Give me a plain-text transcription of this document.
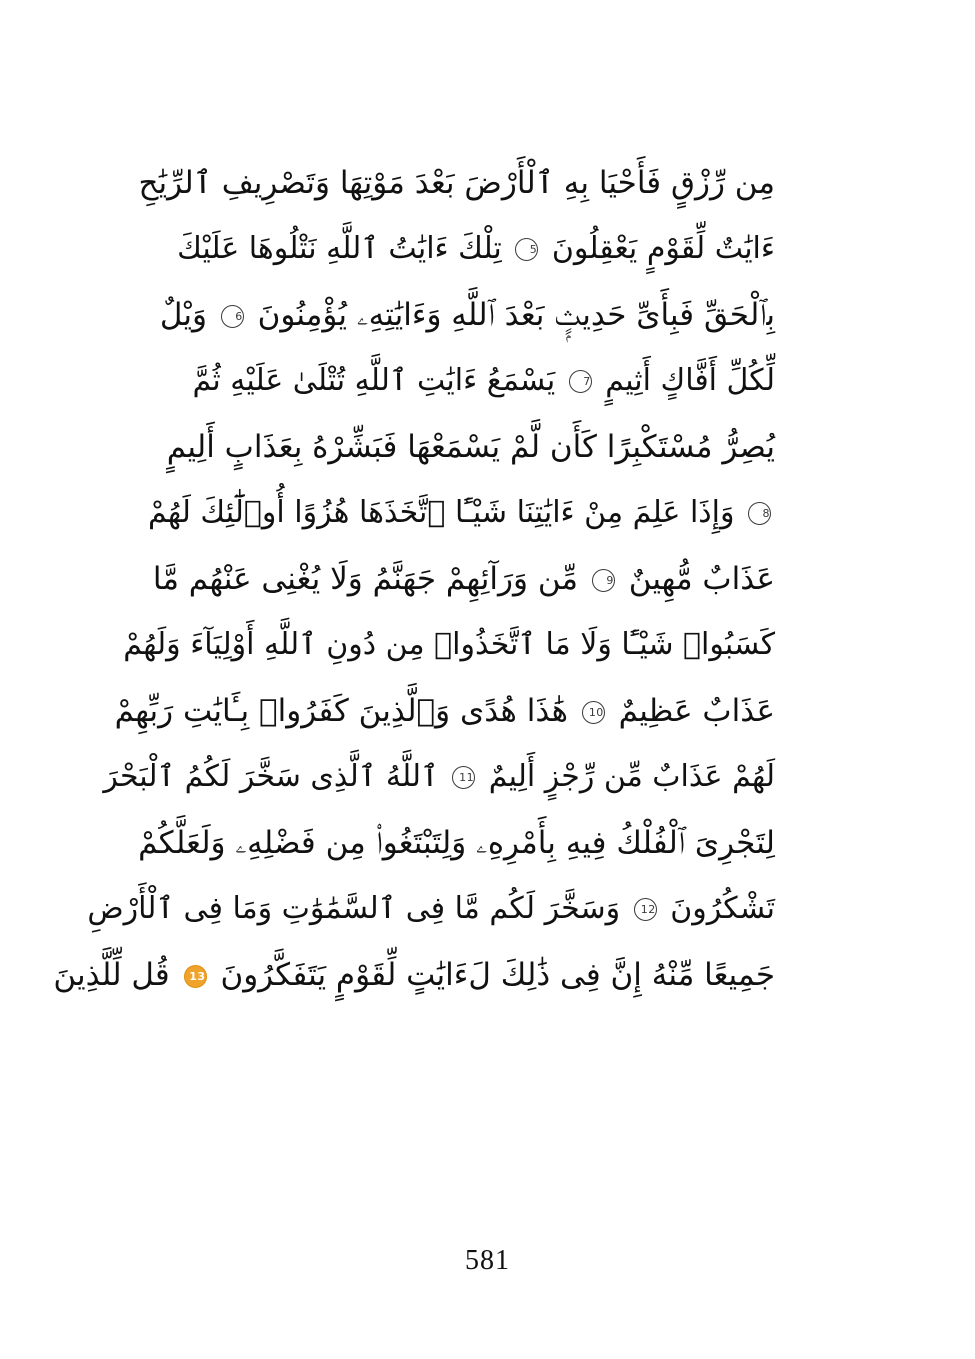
مِن رِّزْقٍ فَأَحْيَا بِهِ ٱلْأَرْضَ بَعْدَ مَوْتِهَا وَتَصْرِيفِ ٱلرِّيَٰحِ
ءَايَٰتٌ لِّقَوْمٍ يَعْقِلُونَ 5 تِلْكَ ءَايَٰتُ ٱللَّهِ نَتْلُوهَا عَلَيْكَ
بِٱلْحَقِّ فَبِأَىِّ حَدِيثٍۭ بَعْدَ ٱللَّهِ وَءَايَٰتِهِۦ يُؤْمِنُونَ 6 وَيْلٌ
لِّكُلِّ أَفَّاكٍ أَثِيمٍ 7 يَسْمَعُ ءَايَٰتِ ٱللَّهِ تُتْلَىٰ عَلَيْهِ ثُمَّ
يُصِرُّ مُسْتَكْبِرًا كَأَن لَّمْ يَسْمَعْهَا فَبَشِّرْهُ بِعَذَابٍ أَلِيمٍ
8 وَإِذَا عَلِمَ مِنْ ءَايَٰتِنَا شَيْـًٔا ٱتَّخَذَهَا هُزُوًا أُو۟لَٰٓئِكَ لَهُمْ
عَذَابٌ مُّهِينٌ 9 مِّن وَرَآئِهِمْ جَهَنَّمُ وَلَا يُغْنِى عَنْهُم مَّا
كَسَبُوا۟ شَيْـًٔا وَلَا مَا ٱتَّخَذُوا۟ مِن دُونِ ٱللَّهِ أَوْلِيَآءَ وَلَهُمْ
عَذَابٌ عَظِيمٌ 10 هَٰذَا هُدًى وَٱلَّذِينَ كَفَرُوا۟ بِـَٔايَٰتِ رَبِّهِمْ
لَهُمْ عَذَابٌ مِّن رِّجْزٍ أَلِيمٌ 11 ٱللَّهُ ٱلَّذِى سَخَّرَ لَكُمُ ٱلْبَحْرَ
لِتَجْرِىَ ٱلْفُلْكُ فِيهِ بِأَمْرِهِۦ وَلِتَبْتَغُوا۟ مِن فَضْلِهِۦ وَلَعَلَّكُمْ
تَشْكُرُونَ 12 وَسَخَّرَ لَكُم مَّا فِى ٱلسَّمَٰوَٰتِ وَمَا فِى ٱلْأَرْضِ
جَمِيعًا مِّنْهُ إِنَّ فِى ذَٰلِكَ لَءَايَٰتٍ لِّقَوْمٍ يَتَفَكَّرُونَ 13 قُل لِّلَّذِينَ
581
